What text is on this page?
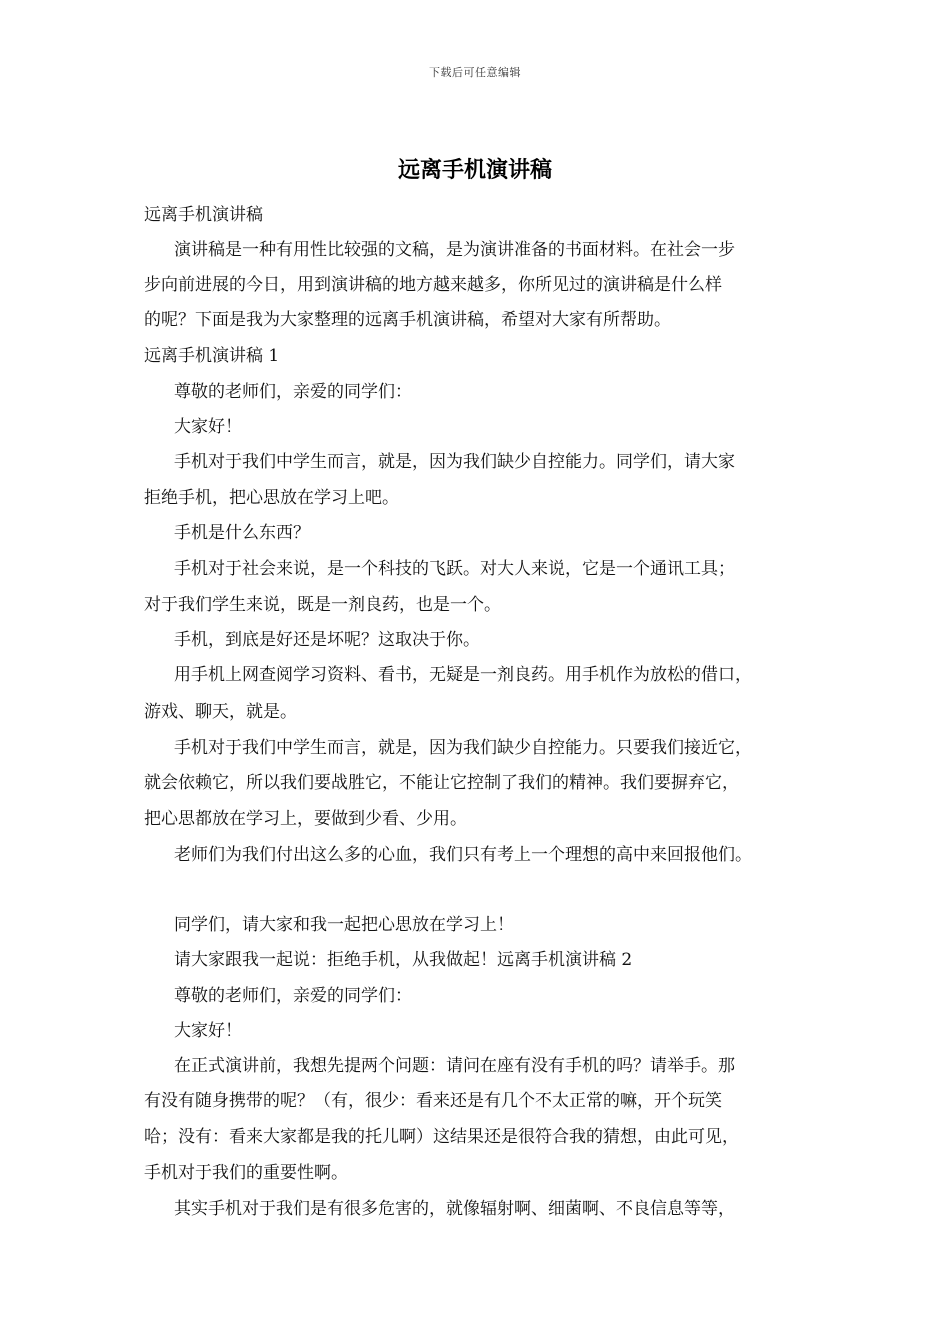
下载后可任意编辑
远离手机演讲稿
远离手机演讲稿
演讲稿是一种有用性比较强的文稿，是为演讲准备的书面材料。在社会一步
步向前进展的今日，用到演讲稿的地方越来越多，你所见过的演讲稿是什么样
的呢？下面是我为大家整理的远离手机演讲稿，希望对大家有所帮助。
远离手机演讲稿 1
尊敬的老师们，亲爱的同学们：
大家好！
手机对于我们中学生而言，就是，因为我们缺少自控能力。同学们，请大家
拒绝手机，把心思放在学习上吧。
手机是什么东西？
手机对于社会来说，是一个科技的飞跃。对大人来说，它是一个通讯工具；
对于我们学生来说，既是一剂良药，也是一个。
手机，到底是好还是坏呢？这取决于你。
用手机上网查阅学习资料、看书，无疑是一剂良药。用手机作为放松的借口，
游戏、聊天，就是。
手机对于我们中学生而言，就是，因为我们缺少自控能力。只要我们接近它，
就会依赖它，所以我们要战胜它，不能让它控制了我们的精神。我们要摒弃它，
把心思都放在学习上，要做到少看、少用。
老师们为我们付出这么多的心血，我们只有考上一个理想的高中来回报他们。
同学们，请大家和我一起把心思放在学习上！
请大家跟我一起说：拒绝手机，从我做起！远离手机演讲稿 2
尊敬的老师们，亲爱的同学们：
大家好！
在正式演讲前，我想先提两个问题：请问在座有没有手机的吗？请举手。那
有没有随身携带的呢？（有，很少：看来还是有几个不太正常的嘛，开个玩笑
哈；没有：看来大家都是我的托儿啊）这结果还是很符合我的猜想，由此可见，
手机对于我们的重要性啊。
其实手机对于我们是有很多危害的，就像辐射啊、细菌啊、不良信息等等，
